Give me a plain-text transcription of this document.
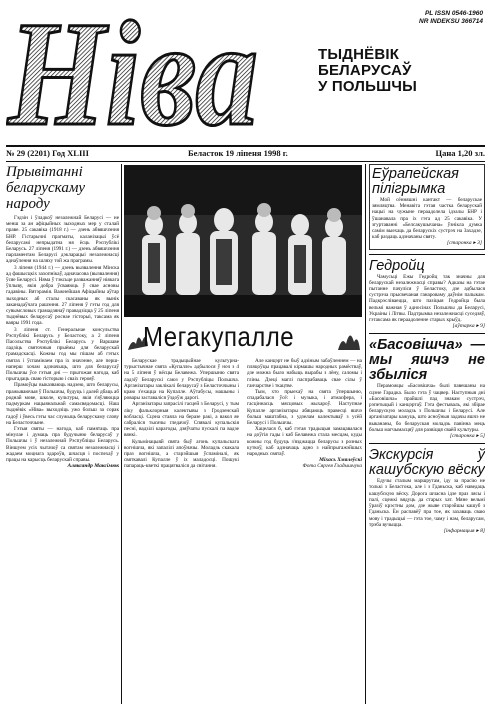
Ніва	PL ISSN 0546-1960
NR INDEKSU 366714
ТЫДНЁВІК
БЕЛАРУСАЎ
У ПОЛЬШЧЫ
№ 29 (2201) Год XLIII	Беласток 19 ліпеня 1998 г.	Цана 1,20 зл.
Прывітанні беларускаму народу

Гэдзін і ўладкоў незалежнай Беларусі — не менш за ан афіцыйных зыходных мер у сталай праве. 25 сакавіка (1918 г.) — дзень абвяшчэння БНР. Гістарычні прагматы, каланізацыі ўсё беларусамі непрыдатна ня ёсць Рэспублікі Беларусь. 27 ліпеня (1991 г.) — дзень абвяшчэння парламентам Беларусі дэкларацыі незалежнасці аднаўлення на шляху той жа праграмы.

3 ліпеня (1944 г.) — дзень вызвалення Мінска ад фашысцкіх захопнікаў, адначасова (вызвалення) ўсяе Беларусі. Няма ў тэксьце разважанняў ніякага ўплыву, якія добра ўсваяюць ў свае асновы гадавіны. Вятэрамія. Важнейшая Афіцыйны аўтар зыходных аб сталы скасаваны як вынік заканадаўчага рашэння. 27 ліпеня ў гэты год для сувымсловых грамадзянаў правадзіцца ў 25 ліпеня тыднёвых беларусаў роснае гісторыі, таксама як ваяры 1991 года.

3 ліпеня ст. Генеральнае консульства Рэспублікі Беларусь у Беластоку, а 2 ліпеня Пасольства Рэспублікі Беларусь у Варшаве ладзіць святочныя прыёмы для беларускай грамадскасці. Кожны год мы пішам аб гэтых святах і ўспамінаем пра іх значэнне, але перш-наперш хочам адзначыць, што для беларусаў Польшчы ўсе гэтыя дні — прыгожая нагода, каб прыгадаць сваю гісторыю і сваіх герояў.

Прамоўцы выказваюць надзею, што беларусы, пражываючыя ў Польшчы, будуць і далей дбаць аб роднай мове, школе, культуры, якія з'яўляюцца падмуркам нацыянальнай самасвядомасці. Наш тыднёвік «Ніва» выходзіць ужо больш за сорак гадоў і ўвесь гэты час служыць беларускаму слову на Беласточчыне.

Гэтыя святы — нагода, каб памятаць пра мінулае і думаць пра будучыню беларусаў у Польшчы і ў незалежнай Рэспубліцы Беларусь. Віншуем усіх чытачоў са святам незалежнасці і жадаем моцнага здароўя, шчасця і поспехаў у працы на карысць беларускай справы.

Аляксандр Максімюк
Мегакупалле

Беларускае традыцыйнае культурна-турыстычнае свята «Купалле» адбылося ў ноч з 4 на 5 ліпеня ў вёсцы Белавежа. Упершыню свята ладзіў Беларускі саюз у Рэспубліцы Польшча. Арганізатары заклікалі беларусаў з Беласточчыны і краю з'ехацца на Купалле. Аўтабусы, машыны і ровары заставаліся ўздоўж дарогі.

Арганізатары запрасілі гасцей з Беларусі, у тым ліку фальклорныя калектывы з Гродзенскай вобласці. Сцэна стаяла на беразе ракі, а вакол яе сабраліся тысячы гледачоў. Спявалі купальскія песні, вадзілі карагоды, дзяўчаты пускалі па вадзе вянкі.

Кульмінацыяй свята быў агонь купальскага вогнішча, які запалілі апоўначы. Моладзь скакала праз вогнішча, а старэйшыя ўспаміналі, як святкавалі Купалле ў іх маладосці. Пошукі папараць-кветкі працягваліся да світання.

Але канцэрт не быў адзіным забаўленнем — на пляцоўцы працавалі кірмашы народных рамёстваў, дзе можна было набыць вырабы з лёну, саломы і гліны. Дзеці маглі паспрабаваць свае сілы ў ганчарстве і ткацтве.

Тым, хто прыехаў на свята ўпершыню, спадабалася ўсё: і музыка, і атмасфера, і гасціннасць мясцовых жыхароў. Наступнае Купалле арганізатары абяцаюць правесці яшчэ больш маштабна, з удзелам калектываў з усёй Беларусі і Польшчы.

Хацелася б, каб гэтая традыцыя замацавалася на доўгія гады і каб Белавежа стала месцам, куды кожны год будуць з'язджацца беларусы з розных куткоў, каб адзначаць адно з найпрыгажэйшых народных святаў.

Міхась Хмялеўскі
Фота Сяргея Гладышчука
Еўрапейская пілігрымка

Мой сённяшні кантакт — беларускае зямляцтва. Менавіта гэтая частка беларускай нацыі на чужыне пераадолела ідэалы БНР і ўшанавала пра іх гэта ад 25 сакавіка. У згуртаванні «Белсакушычана» ўзнікла думка самім выехаць да беларускіх сустрэч на Захадзе, каб раздаць адзначаны святу.

[старонка ▸ 3]
Гедройц

Чамусьці Ежы Гедройц так значны для беларускай незалежнасці справы? Адказы на гэтае пытанне пачуліся ў Беластоку, дзе адбылася сустрэча прысвечаная ганароваму даўнім палыкам. Падкрэсліваецца, што пазіцыя Гедройца была вельмі важная ў адносінах Польшчы да Беларусі, Украіны і Літвы. Падтрымка незалежнасці суседзяў, гэтаксама як пераадоленне старых крыўд.

[аўтарка ▸ 9]
«Басовішча» — мы яшчэ не збыліся

Пераможцы «Басовішча» былі павешаны на сцэне Гарадка. Было гэта ў чацвер. Наступныя дні «Басовішча» прайшлі пад знакам сустрэч, рэпетыцый і канцэртаў. Гэта фестываль, які збірае беларускую моладзь з Польшчы і Беларусі. Але арганізатары кажуць, што асноўныя задачы яшчэ не выкананы, бо беларуская моладзь павінна мець больш магчымасцяў для развіцця сваёй культуры.

[старонка ▸ 5]
Экскурсія ў кашубскую вёску

Едучы сталым маршрутам, іду за прасію не толькі з Беластока, але і з Гданьска, каб наведаць кашубскую вёску. Дорога шчасна ідзе праз лясы і палі, сцежкі вядуць да старых хат. Мяне вельмі ўразіў крэстны дом, дзе жыве старэйшы кашуб з Гданьска. Ён распавёў пра тое, як захаваць сваю мову і традыцыі — гэта тое, чаму і нам, беларусам, трэба вучыцца.

[інфармацыя ▸ 8]
